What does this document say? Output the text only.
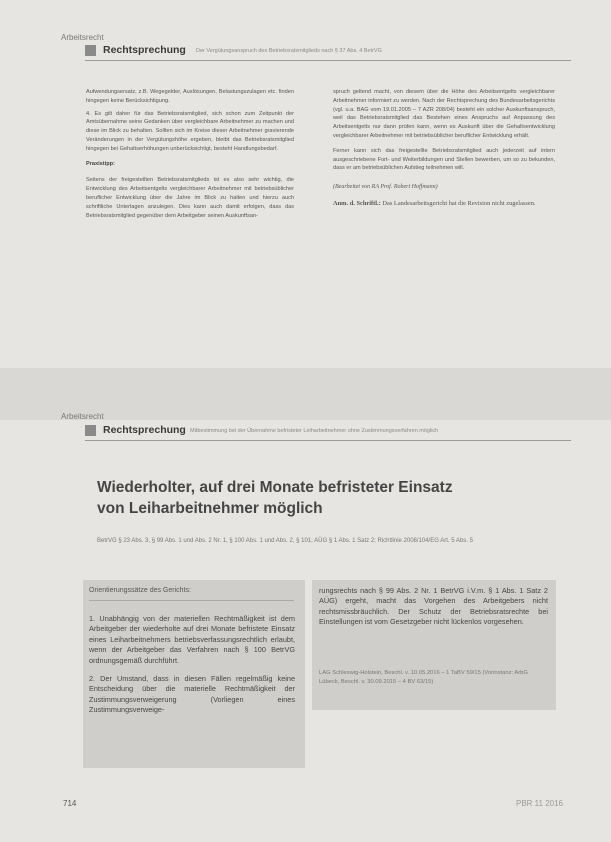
Arbeitsrecht
Rechtsprechung Der Vergütungsanspruch des Betriebsratsmitglieds nach § 37 Abs. 4 BetrVG

Aufwendungsersatz, z.B. Wegegelder, Auslösungen, Belastungszulagen etc. finden hingegen keine Berücksichtigung.

4. Es gilt daher für das Betriebsratsmitglied, sich schon zum Zeitpunkt der Amtsübernahme seine Gedanken über vergleichbare Arbeitnehmer zu machen und diese im Blick zu behalten. Sollten sich im Kreise dieser Arbeitnehmer gravierende Veränderungen in der Vergütungshöhe ergeben, bleibt das Betriebsratsmitglied hingegen bei Gehaltserhöhungen unberücksichtigt, besteht Handlungsbedarf.

Praxistipp:

Seitens der freigestellten Betriebsratsmitglieds ist es also sehr wichtig, die Entwicklung des Arbeitsentgelts vergleichbarer Arbeitnehmer mit betriebsüblicher beruflicher Entwicklung über die Jahre im Blick zu halten und hierzu auch schriftliche Unterlagen anzulegen. Dies kann auch damit erfolgen, dass das Betriebsratsmitglied gegenüber dem Arbeitgeber seinen Auskunftsan-

spruch geltend macht, von diesem über die Höhe des Arbeitsentgelts vergleichbarer Arbeitnehmer informiert zu werden. Nach der Rechtsprechung des Bundesarbeitsgerichts (vgl. u.a. BAG vom 19.01.2005 – 7 AZR 208/04) besteht ein solcher Auskunftsanspruch, weil das Betriebsratsmitglied das Bestehen eines Anspruchs auf Anpassung des Arbeitsentgelts nur dann prüfen kann, wenn es Auskunft über die Gehaltsentwicklung vergleichbarer Arbeitnehmer mit betriebsüblicher beruflicher Entwicklung erhält.

Ferner kann sich das freigestellte Betriebsratsmitglied auch jederzeit auf intern ausgeschriebene Fort- und Weiterbildungen und Stellen bewerben, um so zu bekunden, dass er am betriebsüblichen Aufstieg teilnehmen will.

(Bearbeitet von RA Prof. Robert Hoffmann)

Anm. d. Schriftl.: Das Landesarbeitsgericht hat die Revision nicht zugelassen.

Arbeitsrecht
Rechtsprechung Mitbestimmung bei der Übernahme befristeter Leiharbeitnehmer ohne Zustimmungsverfahren möglich
Wiederholter, auf drei Monate befristeter Einsatz
von Leiharbeitnehmer möglich
BetrVG § 23 Abs. 3, § 99 Abs. 1 und Abs. 2 Nr. 1, § 100 Abs. 1 und Abs. 2, § 101; AÜG § 1 Abs. 1 Satz 2; Richtlinie 2008/104/EG Art. 5 Abs. 5
Orientierungssätze des Gerichts:

1. Unabhängig von der materiellen Rechtmäßigkeit ist dem Arbeitgeber der wiederholte auf drei Monate befristete Einsatz eines Leiharbeitnehmers betriebsverfassungsrechtlich erlaubt, wenn der Arbeitgeber das Verfahren nach § 100 BetrVG ordnungsgemäß durchführt.

2. Der Umstand, dass in diesen Fällen regelmäßig keine Entscheidung über die materielle Rechtmäßigkeit der Zustimmungsverweigerung (Vorliegen eines Zustimmungsverweige-

rungsrechts nach § 99 Abs. 2 Nr. 1 BetrVG i.V.m. § 1 Abs. 1 Satz 2 AÜG) ergeht, macht das Vorgehen des Arbeitgebers nicht rechtsmissbräuchlich. Der Schutz der Betriebsratsrechte bei Einstellungen ist vom Gesetzgeber nicht lückenlos vorgesehen.

LAG Schleswig-Holstein, Beschl. v. 10.05.2016 – 1 TaBV 59/15 (Vorinstanz: ArbG Lübeck, Beschl. v. 30.09.2015 – 4 BV 63/15)
714	PBR 11 2016
